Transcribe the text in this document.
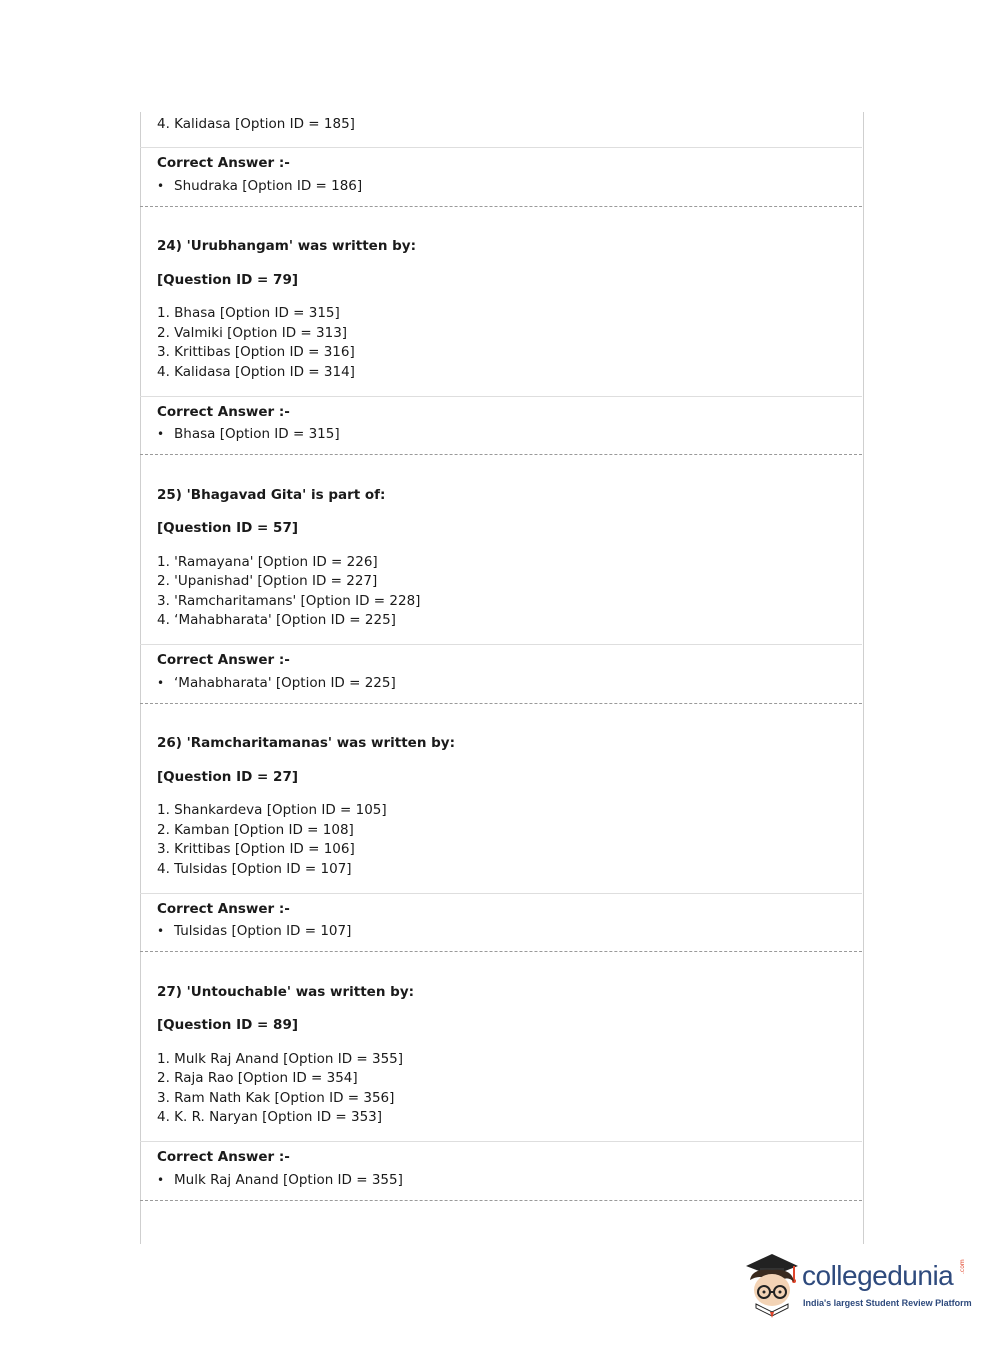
4. Kalidasa [Option ID = 185]
Correct Answer :-
• Shudraka [Option ID = 186]
24) 'Urubhangam' was written by:
[Question ID = 79]
1. Bhasa [Option ID = 315]
2. Valmiki [Option ID = 313]
3. Krittibas [Option ID = 316]
4. Kalidasa [Option ID = 314]
Correct Answer :-
• Bhasa [Option ID = 315]
25) 'Bhagavad Gita' is part of:
[Question ID = 57]
1. 'Ramayana' [Option ID = 226]
2. 'Upanishad' [Option ID = 227]
3. 'Ramcharitamans' [Option ID = 228]
4. ‘Mahabharata' [Option ID = 225]
Correct Answer :-
• ‘Mahabharata' [Option ID = 225]
26) 'Ramcharitamanas' was written by:
[Question ID = 27]
1. Shankardeva [Option ID = 105]
2. Kamban [Option ID = 108]
3. Krittibas [Option ID = 106]
4. Tulsidas [Option ID = 107]
Correct Answer :-
• Tulsidas [Option ID = 107]
27) 'Untouchable' was written by:
[Question ID = 89]
1. Mulk Raj Anand [Option ID = 355]
2. Raja Rao [Option ID = 354]
3. Ram Nath Kak [Option ID = 356]
4. K. R. Naryan [Option ID = 353]
Correct Answer :-
• Mulk Raj Anand [Option ID = 355]
collegedunia .com
India's largest Student Review Platform
